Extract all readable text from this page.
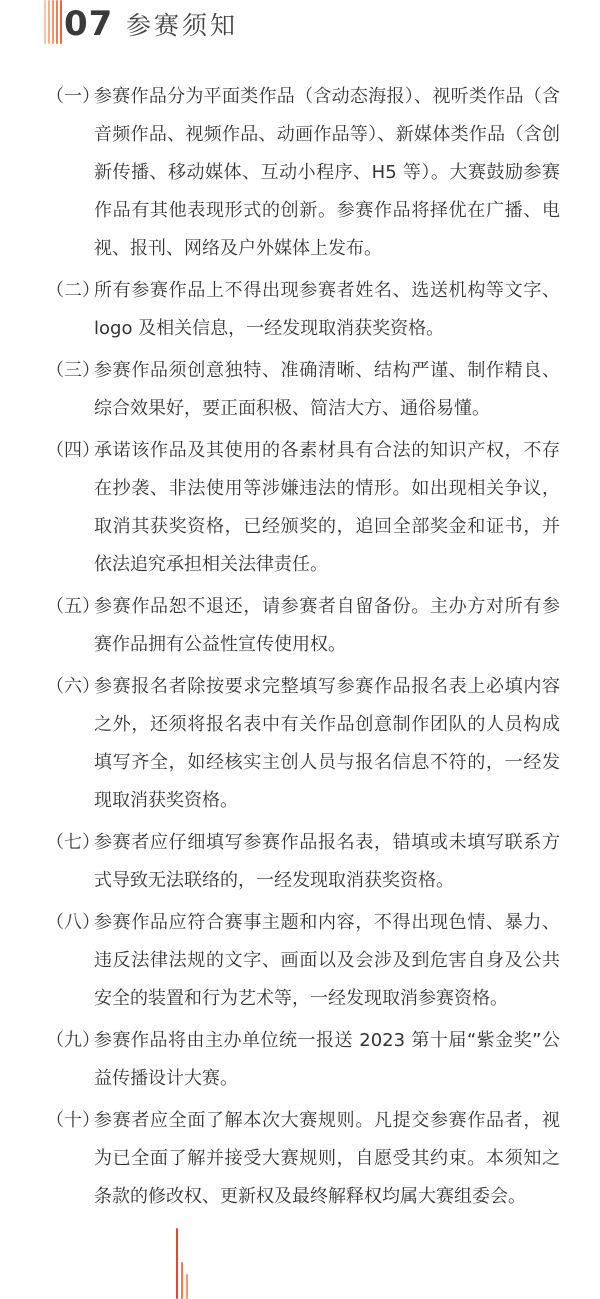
07 参赛须知
（一）
参赛作品分为平面类作品（含动态海报）、视听类作品（含音频作品、视频作品、动画作品等）、新媒体类作品（含创新传播、移动媒体、互动小程序、H5 等）。大赛鼓励参赛作品有其他表现形式的创新。参赛作品将择优在广播、电视、报刊、网络及户外媒体上发布。
（二）
所有参赛作品上不得出现参赛者姓名、选送机构等文字、logo 及相关信息，一经发现取消获奖资格。
（三）
参赛作品须创意独特、准确清晰、结构严谨、制作精良、综合效果好，要正面积极、简洁大方、通俗易懂。
（四）
承诺该作品及其使用的各素材具有合法的知识产权，不存在抄袭、非法使用等涉嫌违法的情形。如出现相关争议，取消其获奖资格，已经颁奖的，追回全部奖金和证书，并依法追究承担相关法律责任。
（五）
参赛作品恕不退还，请参赛者自留备份。主办方对所有参赛作品拥有公益性宣传使用权。
（六）
参赛报名者除按要求完整填写参赛作品报名表上必填内容之外，还须将报名表中有关作品创意制作团队的人员构成填写齐全，如经核实主创人员与报名信息不符的，一经发现取消获奖资格。
（七）
参赛者应仔细填写参赛作品报名表，错填或未填写联系方式导致无法联络的，一经发现取消获奖资格。
（八）
参赛作品应符合赛事主题和内容，不得出现色情、暴力、违反法律法规的文字、画面以及会涉及到危害自身及公共安全的装置和行为艺术等，一经发现取消参赛资格。
（九）
参赛作品将由主办单位统一报送 2023 第十届“紫金奖”公益传播设计大赛。
（十）
参赛者应全面了解本次大赛规则。凡提交参赛作品者，视为已全面了解并接受大赛规则，自愿受其约束。本须知之条款的修改权、更新权及最终解释权均属大赛组委会。
